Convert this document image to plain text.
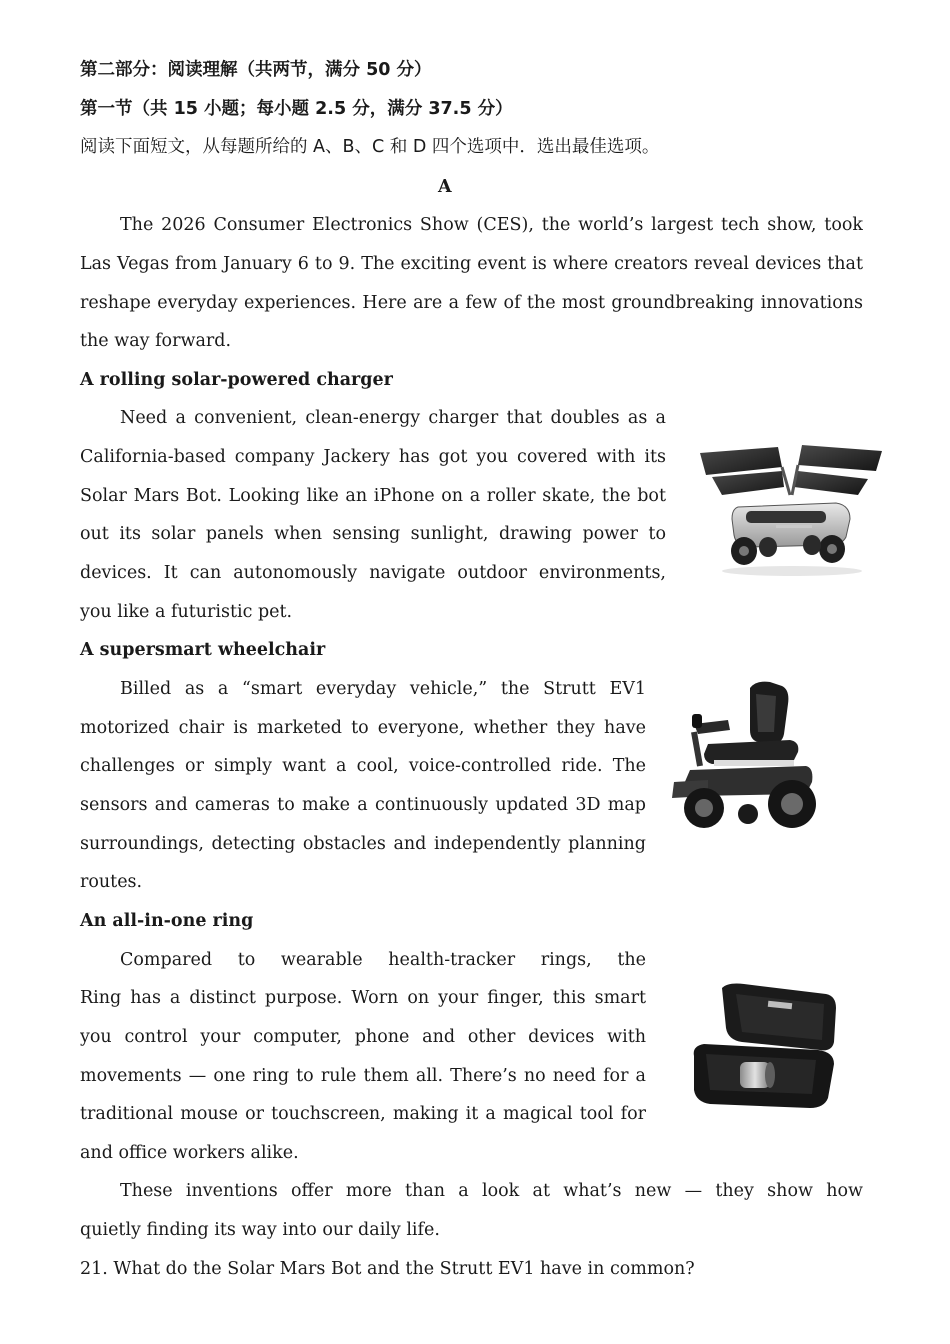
第二部分：阅读理解（共两节，满分 50 分）
第一节（共 15 小题；每小题 2.5 分，满分 37.5 分）
阅读下面短文，从每题所给的 A、B、C 和 D 四个选项中．选出最佳选项。
A
The 2026 Consumer Electronics Show (CES), the world’s largest tech show, took
Las Vegas from January 6 to 9. The exciting event is where creators reveal devices that
reshape everyday experiences. Here are a few of the most groundbreaking innovations
the way forward.
A rolling solar-powered charger
Need a convenient, clean-energy charger that doubles as a
California-based company Jackery has got you covered with its
Solar Mars Bot. Looking like an iPhone on a roller skate, the bot
out its solar panels when sensing sunlight, drawing power to
devices. It can autonomously navigate outdoor environments,
you like a futuristic pet.
A supersmart wheelchair
Billed as a “smart everyday vehicle,” the Strutt EV1
motorized chair is marketed to everyone, whether they have
challenges or simply want a cool, voice-controlled ride. The
sensors and cameras to make a continuously updated 3D map
surroundings, detecting obstacles and independently planning
routes.
An all-in-one ring
Compared to wearable health-tracker rings, the
Ring has a distinct purpose. Worn on your finger, this smart
you control your computer, phone and other devices with
movements — one ring to rule them all. There’s no need for a
traditional mouse or touchscreen, making it a magical tool for
and office workers alike.
These inventions offer more than a look at what’s new — they show how
quietly finding its way into our daily life.
21. What do the Solar Mars Bot and the Strutt EV1 have in common?
